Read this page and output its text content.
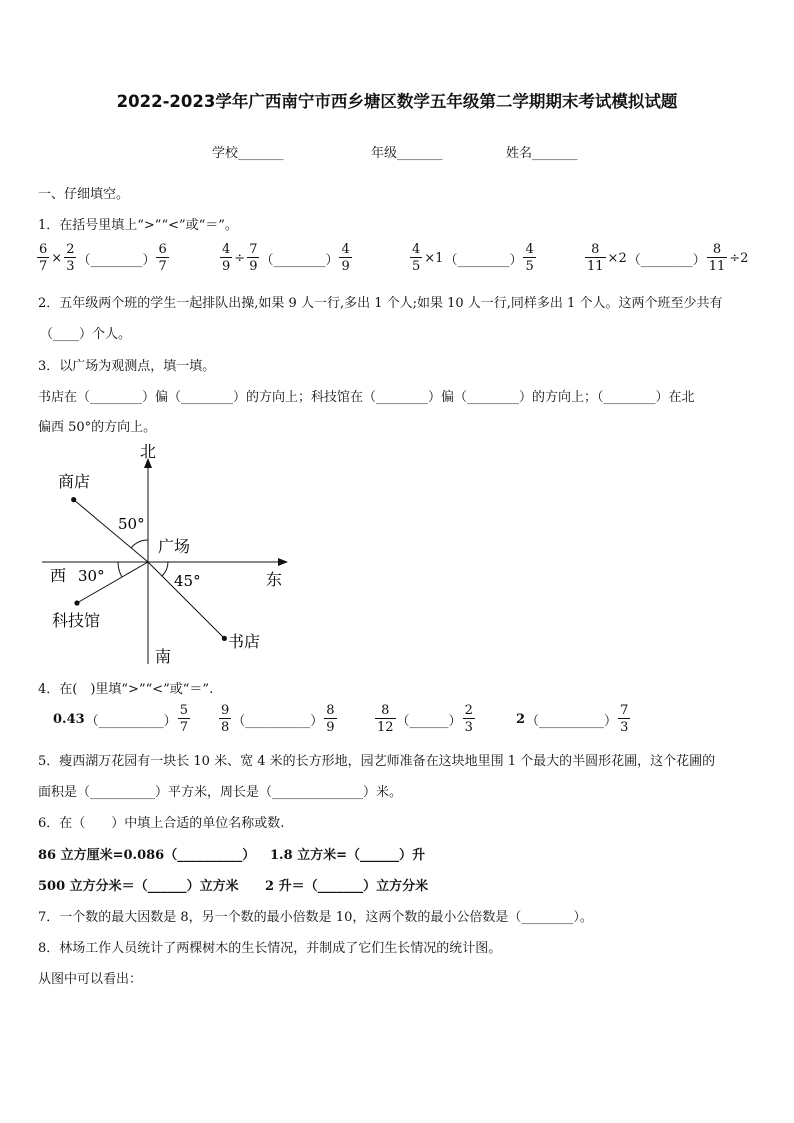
2022-2023学年广西南宁市西乡塘区数学五年级第二学期期末考试模拟试题
学校_______	年级_______	姓名_______
一、仔细填空。
1．在括号里填上“>”“<”或“＝”。
$\frac{6}{7} \times \frac{2}{3}$ （________） $\frac{6}{7}$	$\frac{4}{9} \div \frac{7}{9}$ （________） $\frac{4}{9}$	$\frac{4}{5} \times 1$ （________） $\frac{4}{5}$	$\frac{8}{11} \times 2$ （________） $\frac{8}{11} \div 2$
2．五年级两个班的学生一起排队出操,如果 9 人一行,多出 1 个人;如果 10 人一行,同样多出 1 个人。这两个班至少共有
（____）个人。
3．以广场为观测点，填一填。
书店在（________）偏（________）的方向上；科技馆在（________）偏（________）的方向上；（________）在北
偏西 50°的方向上。
北
南
西	东
广场
商店
书店
科技馆
50°
30°	45°
4．在(　)里填“>”“<”或“＝”.
0.43 （__________） $\frac{5}{7} \frac{9}{8}$ （__________） $\frac{8}{9}$	$\frac{8}{12}$ （______） $\frac{2}{3}$	2 （__________） $\frac{7}{3}$
5．瘦西湖万花园有一块长 10 米、宽 4 米的长方形地，园艺师准备在这块地里围 1 个最大的半圆形花圃，这个花圃的
面积是（__________）平方米，周长是（______________）米。
6．在（　　）中填上合适的单位名称或数.
86 立方厘米=0.086（__________） 1.8 立方米=（______）升
500 立方分米＝（______）立方米 2 升＝（_______）立方分米
7．一个数的最大因数是 8，另一个数的最小倍数是 10，这两个数的最小公倍数是（________）。
8．林场工作人员统计了两棵树木的生长情况，并制成了它们生长情况的统计图。
从图中可以看出：
